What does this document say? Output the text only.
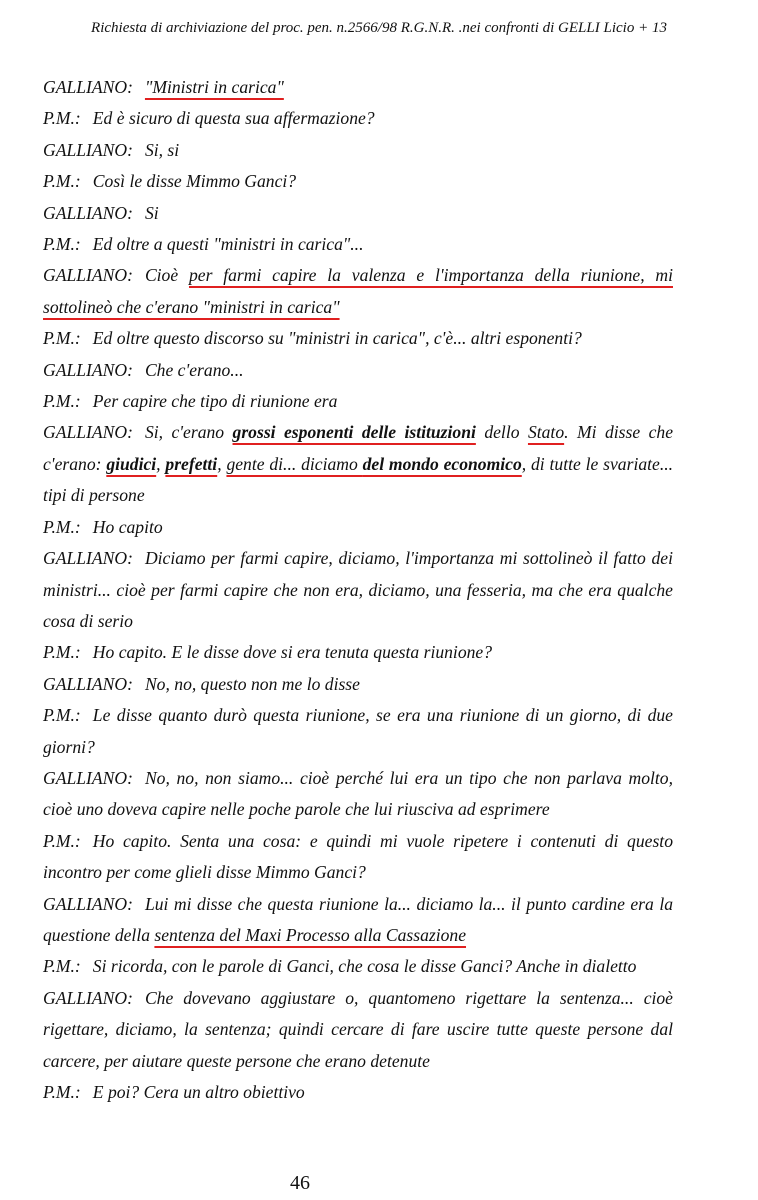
Richiesta di archiviazione del proc. pen. n.2566/98 R.G.N.R. .nei confronti di GELLI Licio + 13

GALLIANO: "Ministri in carica"

P.M.: Ed è sicuro di questa sua affermazione?

GALLIANO: Si, si

P.M.: Così le disse Mimmo Ganci?

GALLIANO: Si

P.M.: Ed oltre a questi "ministri in carica"...

GALLIANO: Cioè per farmi capire la valenza e l'importanza della riunione, mi sottolineò che c'erano "ministri in carica"

P.M.: Ed oltre questo discorso su "ministri in carica", c'è... altri esponenti?

GALLIANO: Che c'erano...

P.M.: Per capire che tipo di riunione era

GALLIANO: Si, c'erano grossi esponenti delle istituzioni dello Stato. Mi disse che c'erano: giudici, prefetti, gente di... diciamo del mondo economico, di tutte le svariate... tipi di persone

P.M.: Ho capito

GALLIANO: Diciamo per farmi capire, diciamo, l'importanza mi sottolineò il fatto dei ministri... cioè per farmi capire che non era, diciamo, una fesseria, ma che era qualche cosa di serio

P.M.: Ho capito. E le disse dove si era tenuta questa riunione?

GALLIANO: No, no, questo non me lo disse

P.M.: Le disse quanto durò questa riunione, se era una riunione di un giorno, di due giorni?

GALLIANO: No, no, non siamo... cioè perché lui era un tipo che non parlava molto, cioè uno doveva capire nelle poche parole che lui riusciva ad esprimere

P.M.: Ho capito. Senta una cosa: e quindi mi vuole ripetere i contenuti di questo incontro per come glieli disse Mimmo Ganci?

GALLIANO: Lui mi disse che questa riunione la... diciamo la... il punto cardine era la questione della sentenza del Maxi Processo alla Cassazione

P.M.: Si ricorda, con le parole di Ganci, che cosa le disse Ganci? Anche in dialetto

GALLIANO: Che dovevano aggiustare o, quantomeno rigettare la sentenza... cioè rigettare, diciamo, la sentenza; quindi cercare di fare uscire tutte queste persone dal carcere, per aiutare queste persone che erano detenute

P.M.: E poi? Cera un altro obiettivo

46
